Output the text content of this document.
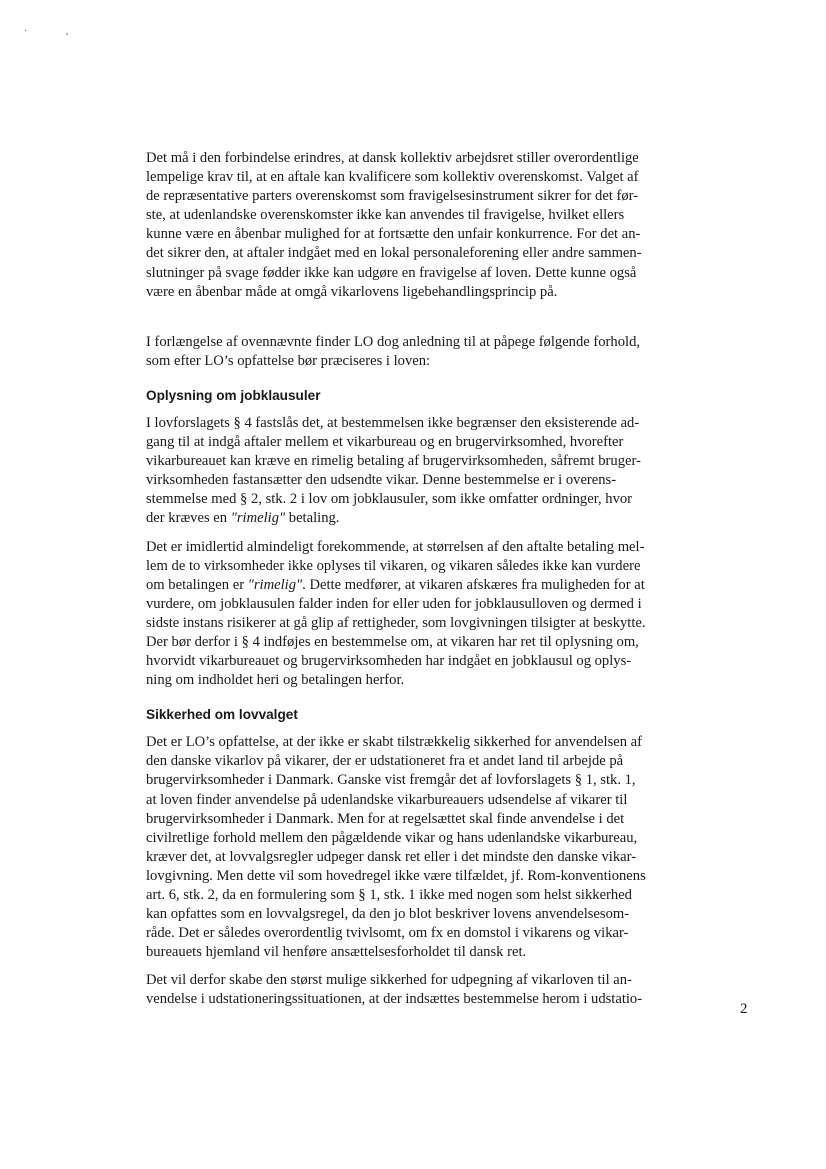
· ,
Det må i den forbindelse erindres, at dansk kollektiv arbejdsret stiller overordentlige
lempelige krav til, at en aftale kan kvalificere som kollektiv overenskomst. Valget af
de repræsentative parters overenskomst som fravigelsesinstrument sikrer for det før-
ste, at udenlandske overenskomster ikke kan anvendes til fravigelse, hvilket ellers
kunne være en åbenbar mulighed for at fortsætte den unfair konkurrence. For det an-
det sikrer den, at aftaler indgået med en lokal personaleforening eller andre sammen-
slutninger på svage fødder ikke kan udgøre en fravigelse af loven. Dette kunne også
være en åbenbar måde at omgå vikarlovens ligebehandlingsprincip på.
I forlængelse af ovennævnte finder LO dog anledning til at påpege følgende forhold,
som efter LO’s opfattelse bør præciseres i loven:
Oplysning om jobklausuler
I lovforslagets § 4 fastslås det, at bestemmelsen ikke begrænser den eksisterende ad-
gang til at indgå aftaler mellem et vikarbureau og en brugervirksomhed, hvorefter
vikarbureauet kan kræve en rimelig betaling af brugervirksomheden, såfremt bruger-
virksomheden fastansætter den udsendte vikar. Denne bestemmelse er i overens-
stemmelse med § 2, stk. 2 i lov om jobklausuler, som ikke omfatter ordninger, hvor
der kræves en "rimelig" betaling.
Det er imidlertid almindeligt forekommende, at størrelsen af den aftalte betaling mel-
lem de to virksomheder ikke oplyses til vikaren, og vikaren således ikke kan vurdere
om betalingen er "rimelig". Dette medfører, at vikaren afskæres fra muligheden for at
vurdere, om jobklausulen falder inden for eller uden for jobklausulloven og dermed i
sidste instans risikerer at gå glip af rettigheder, som lovgivningen tilsigter at beskytte.
Der bør derfor i § 4 indføjes en bestemmelse om, at vikaren har ret til oplysning om,
hvorvidt vikarbureauet og brugervirksomheden har indgået en jobklausul og oplys-
ning om indholdet heri og betalingen herfor.
Sikkerhed om lovvalget
Det er LO’s opfattelse, at der ikke er skabt tilstrækkelig sikkerhed for anvendelsen af
den danske vikarlov på vikarer, der er udstationeret fra et andet land til arbejde på
brugervirksomheder i Danmark. Ganske vist fremgår det af lovforslagets § 1, stk. 1,
at loven finder anvendelse på udenlandske vikarbureauers udsendelse af vikarer til
brugervirksomheder i Danmark. Men for at regelsættet skal finde anvendelse i det
civilretlige forhold mellem den pågældende vikar og hans udenlandske vikarbureau,
kræver det, at lovvalgsregler udpeger dansk ret eller i det mindste den danske vikar-
lovgivning. Men dette vil som hovedregel ikke være tilfældet, jf. Rom-konventionens
art. 6, stk. 2, da en formulering som § 1, stk. 1 ikke med nogen som helst sikkerhed
kan opfattes som en lovvalgsregel, da den jo blot beskriver lovens anvendelsesom-
råde. Det er således overordentlig tvivlsomt, om fx en domstol i vikarens og vikar-
bureauets hjemland vil henføre ansættelsesforholdet til dansk ret.
Det vil derfor skabe den størst mulige sikkerhed for udpegning af vikarloven til an-
vendelse i udstationeringssituationen, at der indsættes bestemmelse herom i udstatio-
2
